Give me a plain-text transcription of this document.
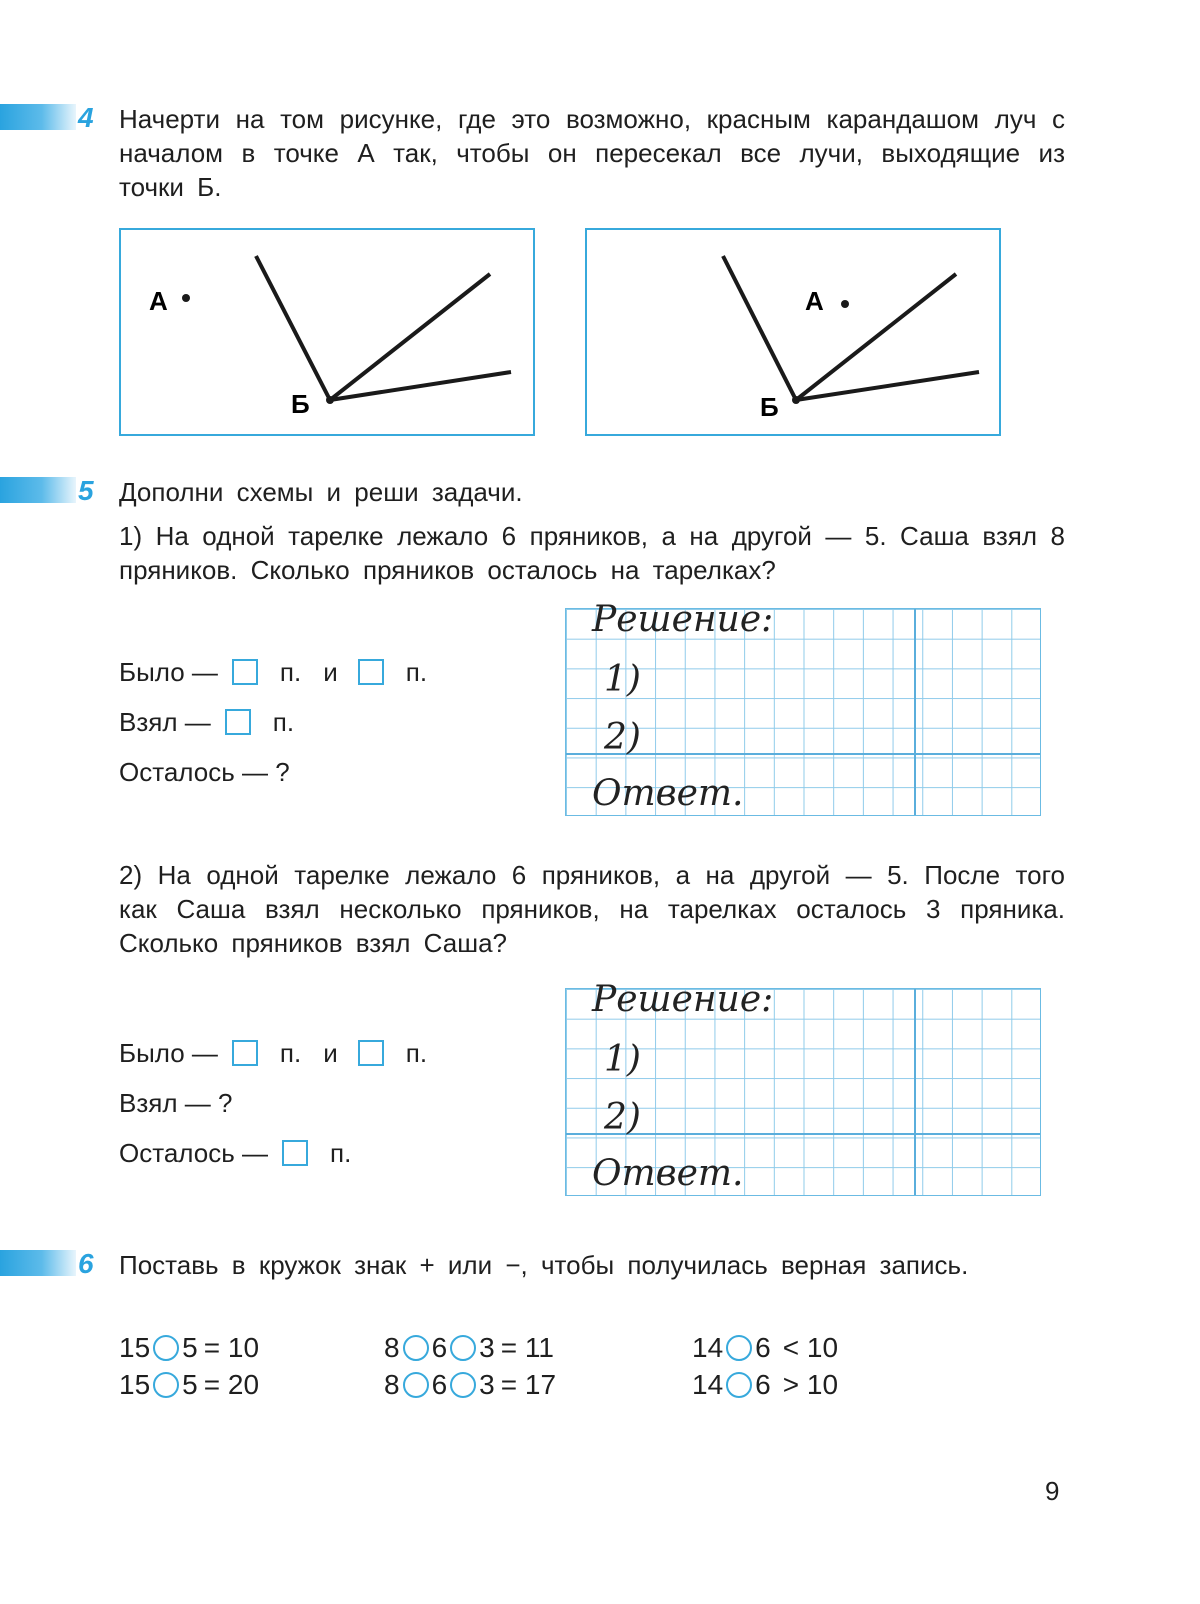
4 Начерти на том рисунке, где это возможно, красным карандашом луч с началом в точке А так, чтобы он пересекал все лучи, выходящие из точки Б.

А
Б
А
Б
5 Дополни схемы и реши задачи.

1) На одной тарелке лежало 6 пряников, а на другой — 5. Саша взял 8 пряников. Сколько пряников осталось на тарелках?

Было — п. и	п.
Взял — п.
Осталось — ?
Решение:
1)
2)
Ответ.

2) На одной тарелке лежало 6 пряников, а на другой — 5. После того как Саша взял несколько пряников, на тарелках осталось 3 пряника. Сколько пряников взял Саша?

Было — п. и	п.
Взял — ?
Осталось — п.
Решение:
1)
2)
Ответ.
6 Поставь в кружок знак + или −, чтобы получилась верная запись.

15 5 = 10
15 5 = 20
8 6 3 = 11
8 6 3 = 17
14 6 < 10
14 6 > 10
9
